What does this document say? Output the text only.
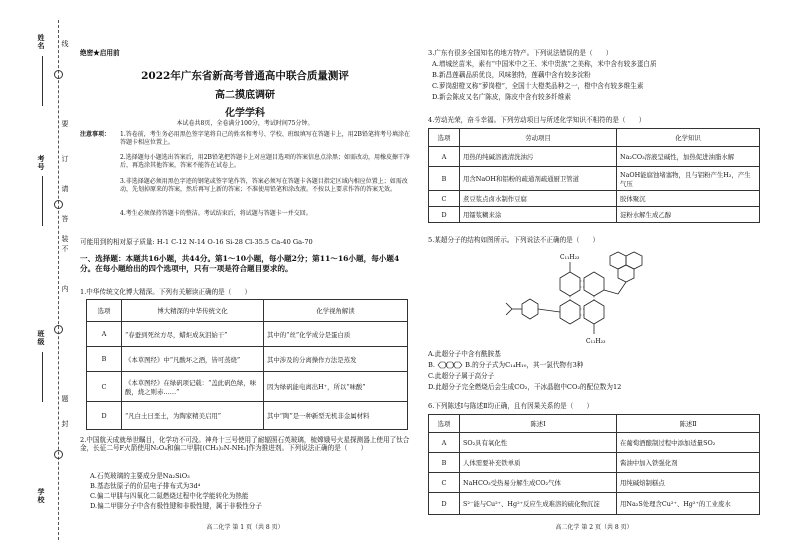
姓名
考号
班级
学校
线
订
装
内
要
不
请
答
题
封
绝密★启用前
2022年广东省新高考普通高中联合质量测评
高二摸底调研
化学学科
本试卷共8页，全卷满分100分，考试时间75分钟。
注意事项： 1.答卷前，考生务必用黑色签字笔将自己的姓名和考号、学校、班级填写在答题卡上，用2B铅笔将考号填涂在答题卡相应位置上。
2.选择题每小题选出答案后，用2B铅笔把答题卡上对应题目选项的答案信息点涂黑；如需改动，用橡皮擦干净后，再选涂其他答案，答案不能答在试卷上。
3.非选择题必须用黑色字迹的钢笔或签字笔作答，答案必须写在答题卡各题目指定区域内相应位置上；如需改动，先划掉原来的答案，然后再写上新的答案；不准使用铅笔和涂改液。不按以上要求作答的答案无效。
4.考生必须保持答题卡的整洁。考试结束后，将试题与答题卡一并交回。
可能用到的相对原子质量: H-1 C-12 N-14 O-16 Si-28 Cl-35.5 Ca-40 Ga-70
一、选择题：本题共16小题，共44分。第1～10小题，每小题2分；第11～16小题，每小题4分。在每小题给出的四个选项中，只有一项是符合题目要求的。
1.中华传统文化博大精深。下列有关解读正确的是（　　）
选项	博大精深的中华传统文化	化学视角解读
A	“春蚕到死丝方尽，蜡炬成灰泪始干”	其中的“丝”化学成分是蛋白质
B	《本草图经》中“凡酸坏之酒，皆可蒸烧”	其中涉及的分离操作方法是蒸发
C	《本草图经》在绿矾项记载：“盖此矾色绿，味酸，烧之则赤……”	因为绿矾能电离出H⁺，所以“味酸”
D	“凡白土曰垩土，为陶家精美启用”	其中“陶”是一种新型无机非金属材料
2.中国航天成就举世瞩目，化学功不可没。神舟十三号使用了耐辐照石英玻璃，梳嫦娥号火星探测器上使用了钛合金，长征二号F火箭使用N₂O₄和偏二甲肼[(CH₃)₂N-NH₂]作为推进剂。下列说法正确的是（　　）
A.石英玻璃的主要成分是Na₂SiO₃
B.基态钛原子的价层电子排布式为3d⁴
C.偏二甲肼与四氧化二氮燃烧过程中化学能转化为热能
D.偏二甲肼分子中含有极性键和非极性键，属于非极性分子
高二化学 第 1 页（共 8 页）
3.广东有很多全国知名的地方特产。下列说法错误的是（　　）
A.增城丝苗米，素有“中国米中之王、米中贵族”之美称，米中含有较多蛋白质
B.新昌莲藕品质优良，风味独特，莲藕中含有较多淀粉
C.萝岗甜橙又称“萝岗橙”，全国十大橙类品种之一，橙中含有较多维生素
D.新会陈皮又名广陈皮，陈皮中含有较多纤维素
4.劳动光荣，奋斗幸福。下列劳动项目与所述化学知识不相符的是（　　）
选项	劳动项目	化学知识
A	用热的纯碱溶液清洗油污	Na₂CO₃溶液呈碱性，加热促进油脂水解
B	用含NaOH和铝粉的疏通剂疏通厨卫管道	NaOH能腐蚀堵塞物，且与铝粉产生H₂，产生气压
C	煮豆浆点卤水制作豆腐	胶体聚沉
D	用镭浆糊来涂	淀粉水解生成乙醇
5.某超分子的结构如图所示。下列说法不正确的是（　　）
C₁₁H₂₃
C₁₁H₂₃
A.此超分子中含有酰胺基
B.	B.的分子式为C₁₄H₁₀，其一氯代物有3种
C.此超分子属于高分子
D.此超分子完全燃烧后会生成CO₂，干冰晶胞中CO₂的配位数为12
6.下列陈述Ⅰ与陈述Ⅱ均正确，且有因果关系的是（　　）
选项	陈述Ⅰ	陈述Ⅱ
A	SO₂具有氧化性	在葡萄酒酿制过程中添加适量SO₂
B	人体需要补充铁单质	酱油中加入铁强化剂
C	NaHCO₃受热易分解生成CO₂气体	用纯碱焙制糕点
D	S²⁻能与Cu²⁺、Hg²⁺反应生成难溶的硫化物沉淀	用Na₂S处理含Cu²⁺、Hg²⁺的工业废水
高二化学 第 2 页（共 8 页）
